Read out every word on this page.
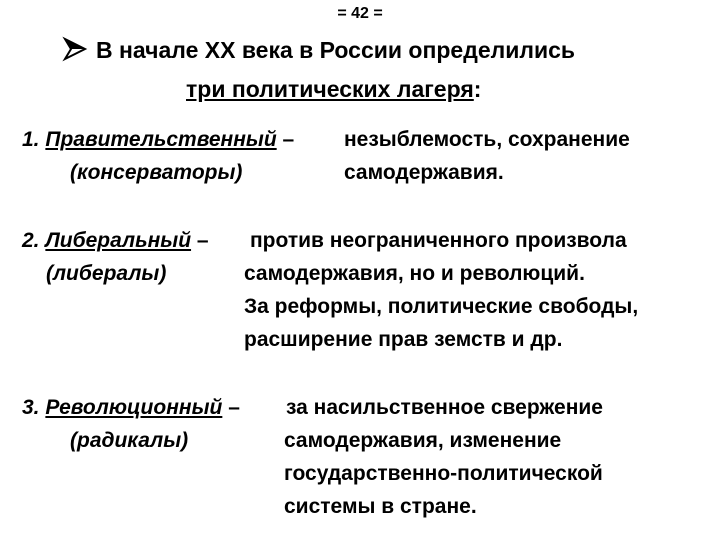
= 42 =
В начале XX века в России определились
три политических лагеря:
1. Правительственный – незыблемость, сохранение
(консерваторы)	самодержавия.
2. Либеральный – против неограниченного произвола
(либералы)	самодержавия, но и революций.
За реформы, политические свободы,
расширение прав земств и др.
3. Революционный – за насильственное свержение
(радикалы)	самодержавия, изменение
государственно-политической
системы в стране.
